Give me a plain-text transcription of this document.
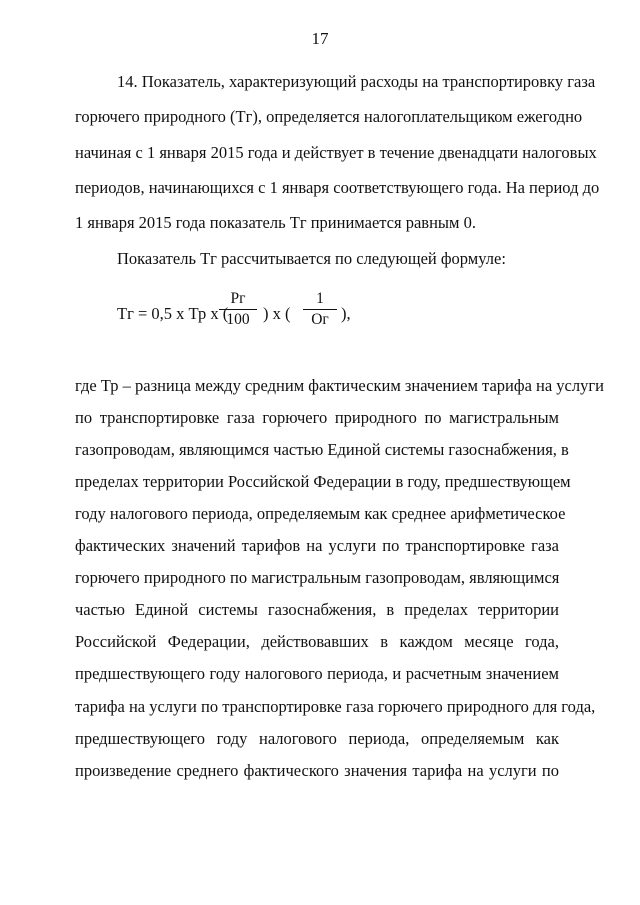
17
14. Показатель, характеризующий расходы на транспортировку газа
горючего природного (Тг), определяется налогоплательщиком ежегодно
начиная с 1 января 2015 года и действует в течение двенадцати налоговых
периодов, начинающихся с 1 января соответствующего года. На период до
1 января 2015 года показатель Тг принимается равным 0.
Показатель Тг рассчитывается по следующей формуле:
Тг = 0,5 х Тр х (
Рг
100 ) х (
1
Ог ),
где Тр – разница между средним фактическим значением тарифа на услуги
по транспортировке газа горючего природного по магистральным
газопроводам, являющимся частью Единой системы газоснабжения, в
пределах территории Российской Федерации в году, предшествующем
году налогового периода, определяемым как среднее арифметическое
фактических значений тарифов на услуги по транспортировке газа
горючего природного по магистральным газопроводам, являющимся
частью Единой системы газоснабжения, в пределах территории
Российской Федерации, действовавших в каждом месяце года,
предшествующего году налогового периода, и расчетным значением
тарифа на услуги по транспортировке газа горючего природного для года,
предшествующего году налогового периода, определяемым как
произведение среднего фактического значения тарифа на услуги по
